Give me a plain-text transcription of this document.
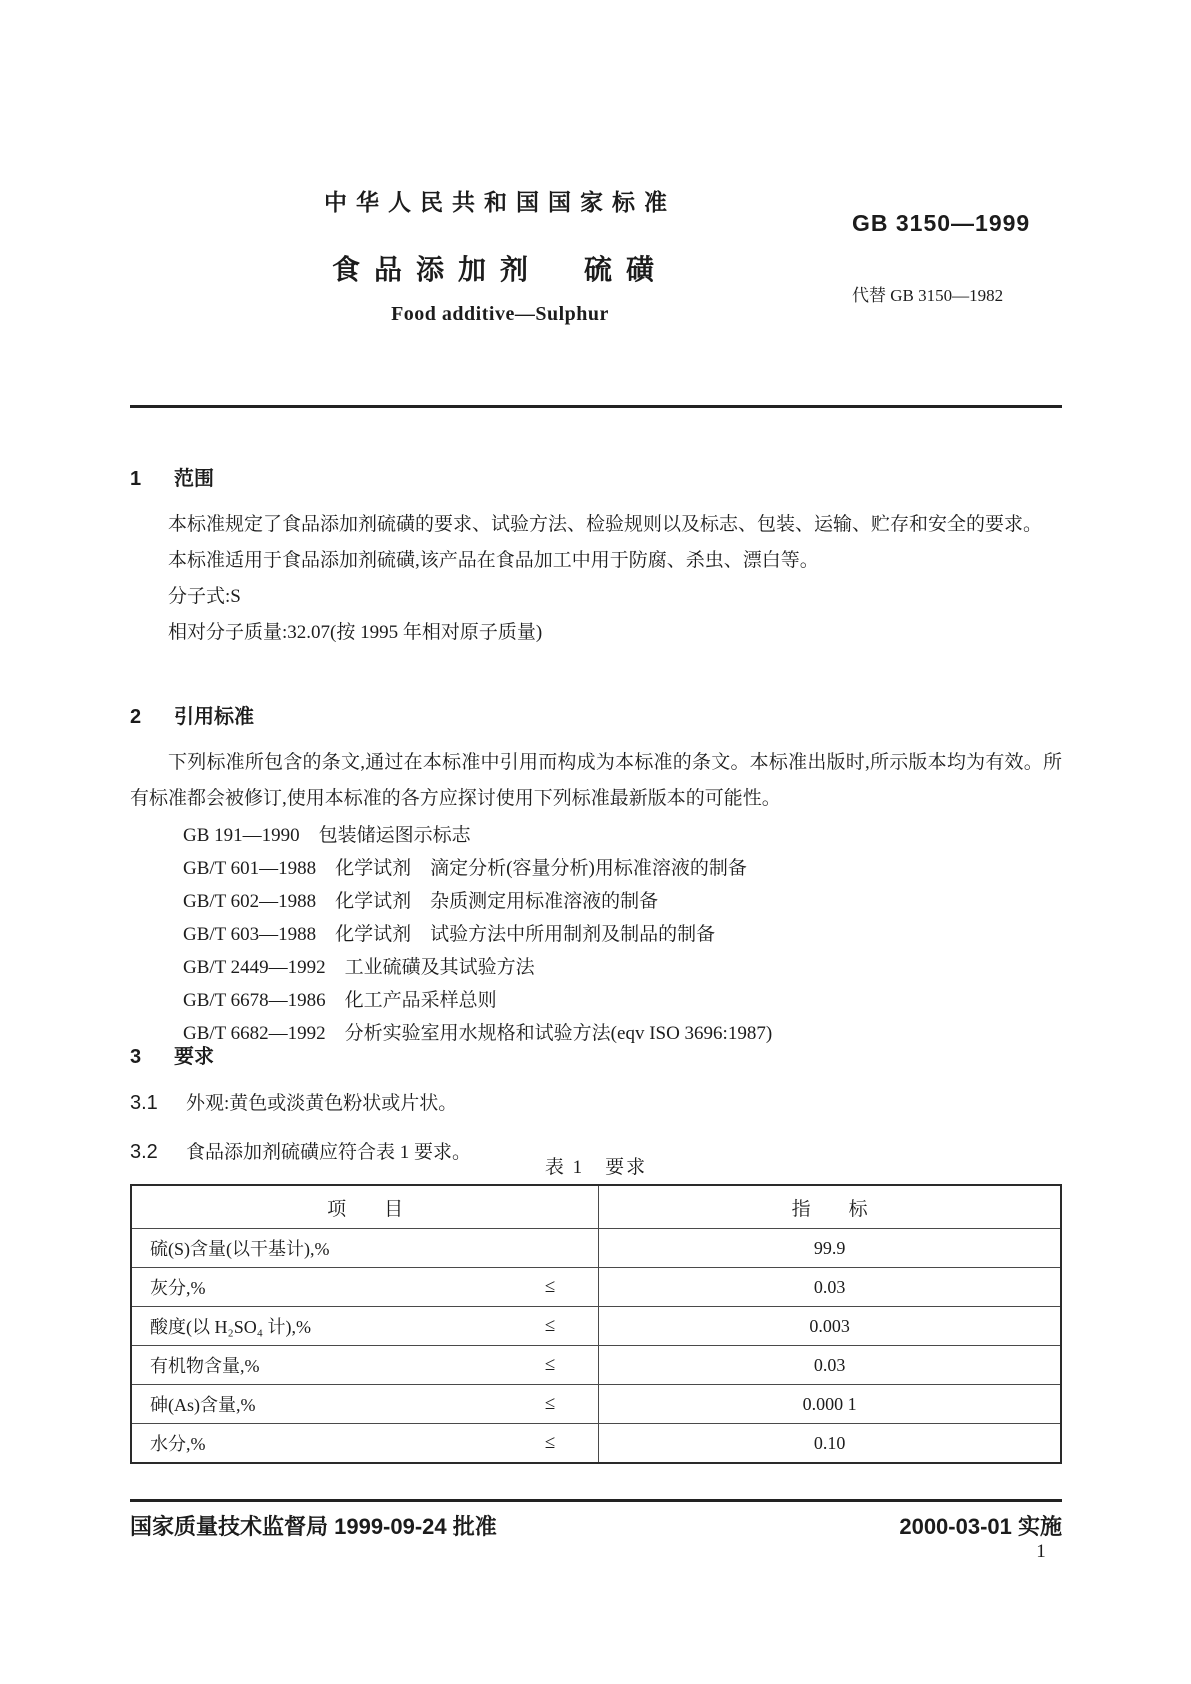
中华人民共和国国家标准
GB 3150—1999
食品添加剂　硫磺
代替 GB 3150—1982
Food additive—Sulphur
1 范围

本标准规定了食品添加剂硫磺的要求、试验方法、检验规则以及标志、包装、运输、贮存和安全的要求。

本标准适用于食品添加剂硫磺,该产品在食品加工中用于防腐、杀虫、漂白等。

分子式:S

相对分子质量:32.07(按 1995 年相对原子质量)

2 引用标准

下列标准所包含的条文,通过在本标准中引用而构成为本标准的条文。本标准出版时,所示版本均为有效。所有标准都会被修订,使用本标准的各方应探讨使用下列标准最新版本的可能性。

GB 191—1990　包装储运图示标志
GB/T 601—1988　化学试剂　滴定分析(容量分析)用标准溶液的制备
GB/T 602—1988　化学试剂　杂质测定用标准溶液的制备
GB/T 603—1988　化学试剂　试验方法中所用制剂及制品的制备
GB/T 2449—1992　工业硫磺及其试验方法
GB/T 6678—1986　化工产品采样总则
GB/T 6682—1992　分析实验室用水规格和试验方法(eqv ISO 3696:1987)
3 要求
3.1 外观:黄色或淡黄色粉状或片状。
3.2 食品添加剂硫磺应符合表 1 要求。
表 1　要求
项　　目	指　　标

硫(S)含量(以干基计),%	99.9

灰分,% ≤	0.03

酸度(以 H₂SO₄ 计),% ≤	0.003

有机物含量,% ≤	0.03

砷(As)含量,% ≤	0.000 1

水分,% ≤	0.10
国家质量技术监督局 1999-09-24 批准	2000-03-01 实施
1
